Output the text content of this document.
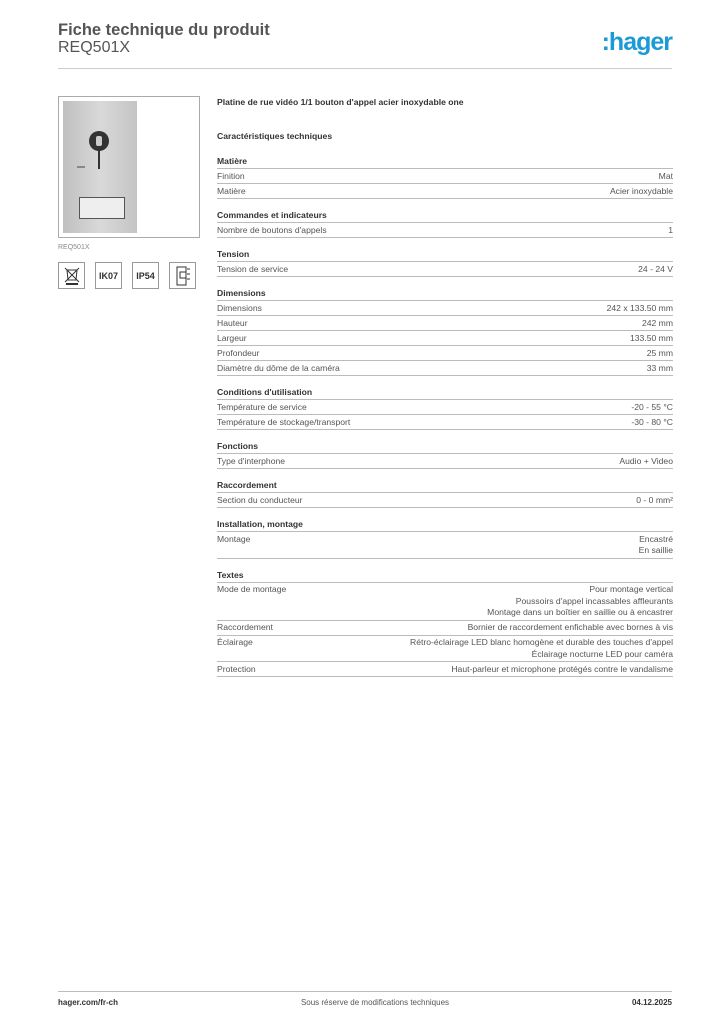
Fiche technique du produit
REQ501X	:hager
REQ501X
IK07	IP54
Platine de rue vidéo 1/1 bouton d'appel acier inoxydable one
Caractéristiques techniques
Matière
Finition	Mat
Matière	Acier inoxydable
Commandes et indicateurs
Nombre de boutons d'appels	1
Tension
Tension de service	24 - 24 V
Dimensions
Dimensions	242 x 133.50 mm
Hauteur	242 mm
Largeur	133.50 mm
Profondeur	25 mm
Diamètre du dôme de la caméra	33 mm
Conditions d'utilisation
Température de service	-20 - 55 °C
Température de stockage/transport	-30 - 80 °C
Fonctions
Type d'interphone	Audio + Video
Raccordement
Section du conducteur	0 - 0 mm²
Installation, montage
Montage	Encastré
En saillie
Textes
Mode de montage	Pour montage vertical
Poussoirs d'appel incassables affleurants
Montage dans un boîtier en saillie ou à encastrer
Raccordement	Bornier de raccordement enfichable avec bornes à vis
Éclairage	Rétro-éclairage LED blanc homogène et durable des touches d'appel
Éclairage nocturne LED pour caméra
Protection	Haut-parleur et microphone protégés contre le vandalisme
hager.com/fr-ch	Sous réserve de modifications techniques	04.12.2025
